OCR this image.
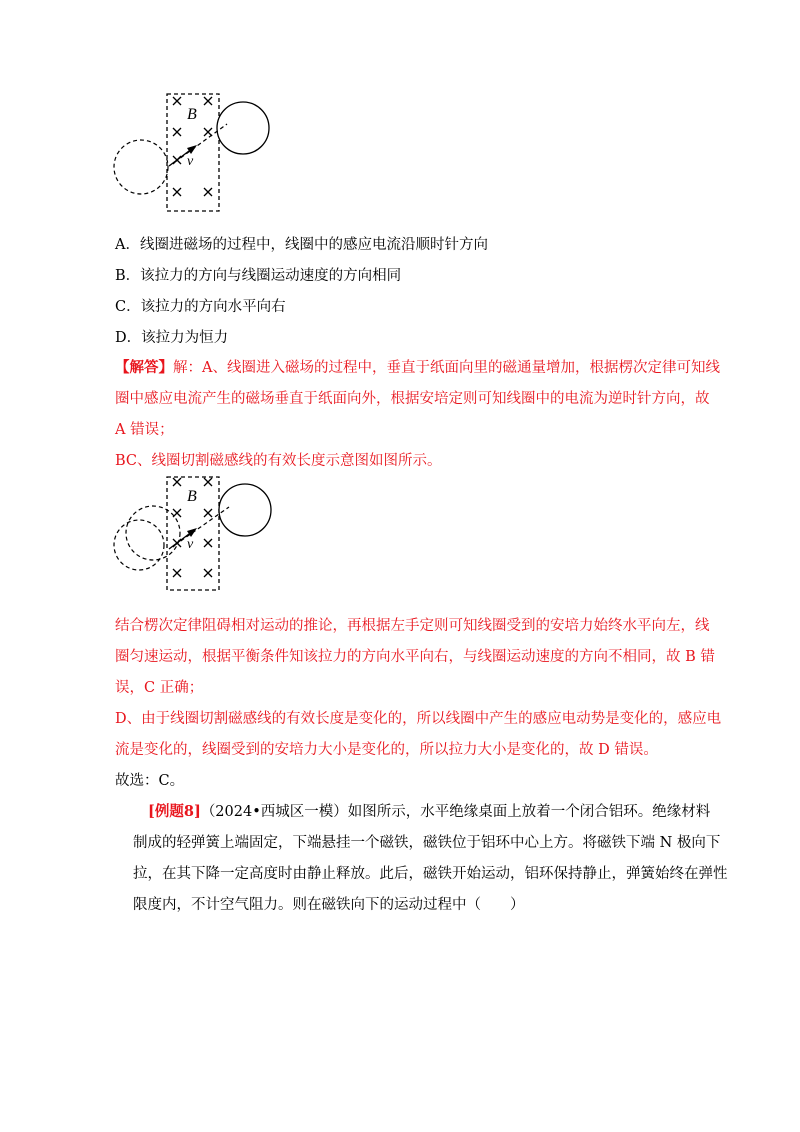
B
v
A．线圈进磁场的过程中，线圈中的感应电流沿顺时针方向
B．该拉力的方向与线圈运动速度的方向相同
C．该拉力的方向水平向右
D．该拉力为恒力
【解答】解：A、线圈进入磁场的过程中，垂直于纸面向里的磁通量增加，根据楞次定律可知线
圈中感应电流产生的磁场垂直于纸面向外，根据安培定则可知线圈中的电流为逆时针方向，故
A 错误；
BC、线圈切割磁感线的有效长度示意图如图所示。
B
v
结合楞次定律阻碍相对运动的推论，再根据左手定则可知线圈受到的安培力始终水平向左，线
圈匀速运动，根据平衡条件知该拉力的方向水平向右，与线圈运动速度的方向不相同，故 B 错
误，C 正确；
D、由于线圈切割磁感线的有效长度是变化的，所以线圈中产生的感应电动势是变化的，感应电
流是变化的，线圈受到的安培力大小是变化的，所以拉力大小是变化的，故 D 错误。
故选：C。
[例题8]（2024•西城区一模）如图所示，水平绝缘桌面上放着一个闭合铝环。绝缘材料
制成的轻弹簧上端固定，下端悬挂一个磁铁，磁铁位于铝环中心上方。将磁铁下端 N 极向下
拉，在其下降一定高度时由静止释放。此后，磁铁开始运动，铝环保持静止，弹簧始终在弹性
限度内，不计空气阻力。则在磁铁向下的运动过程中（　　）
